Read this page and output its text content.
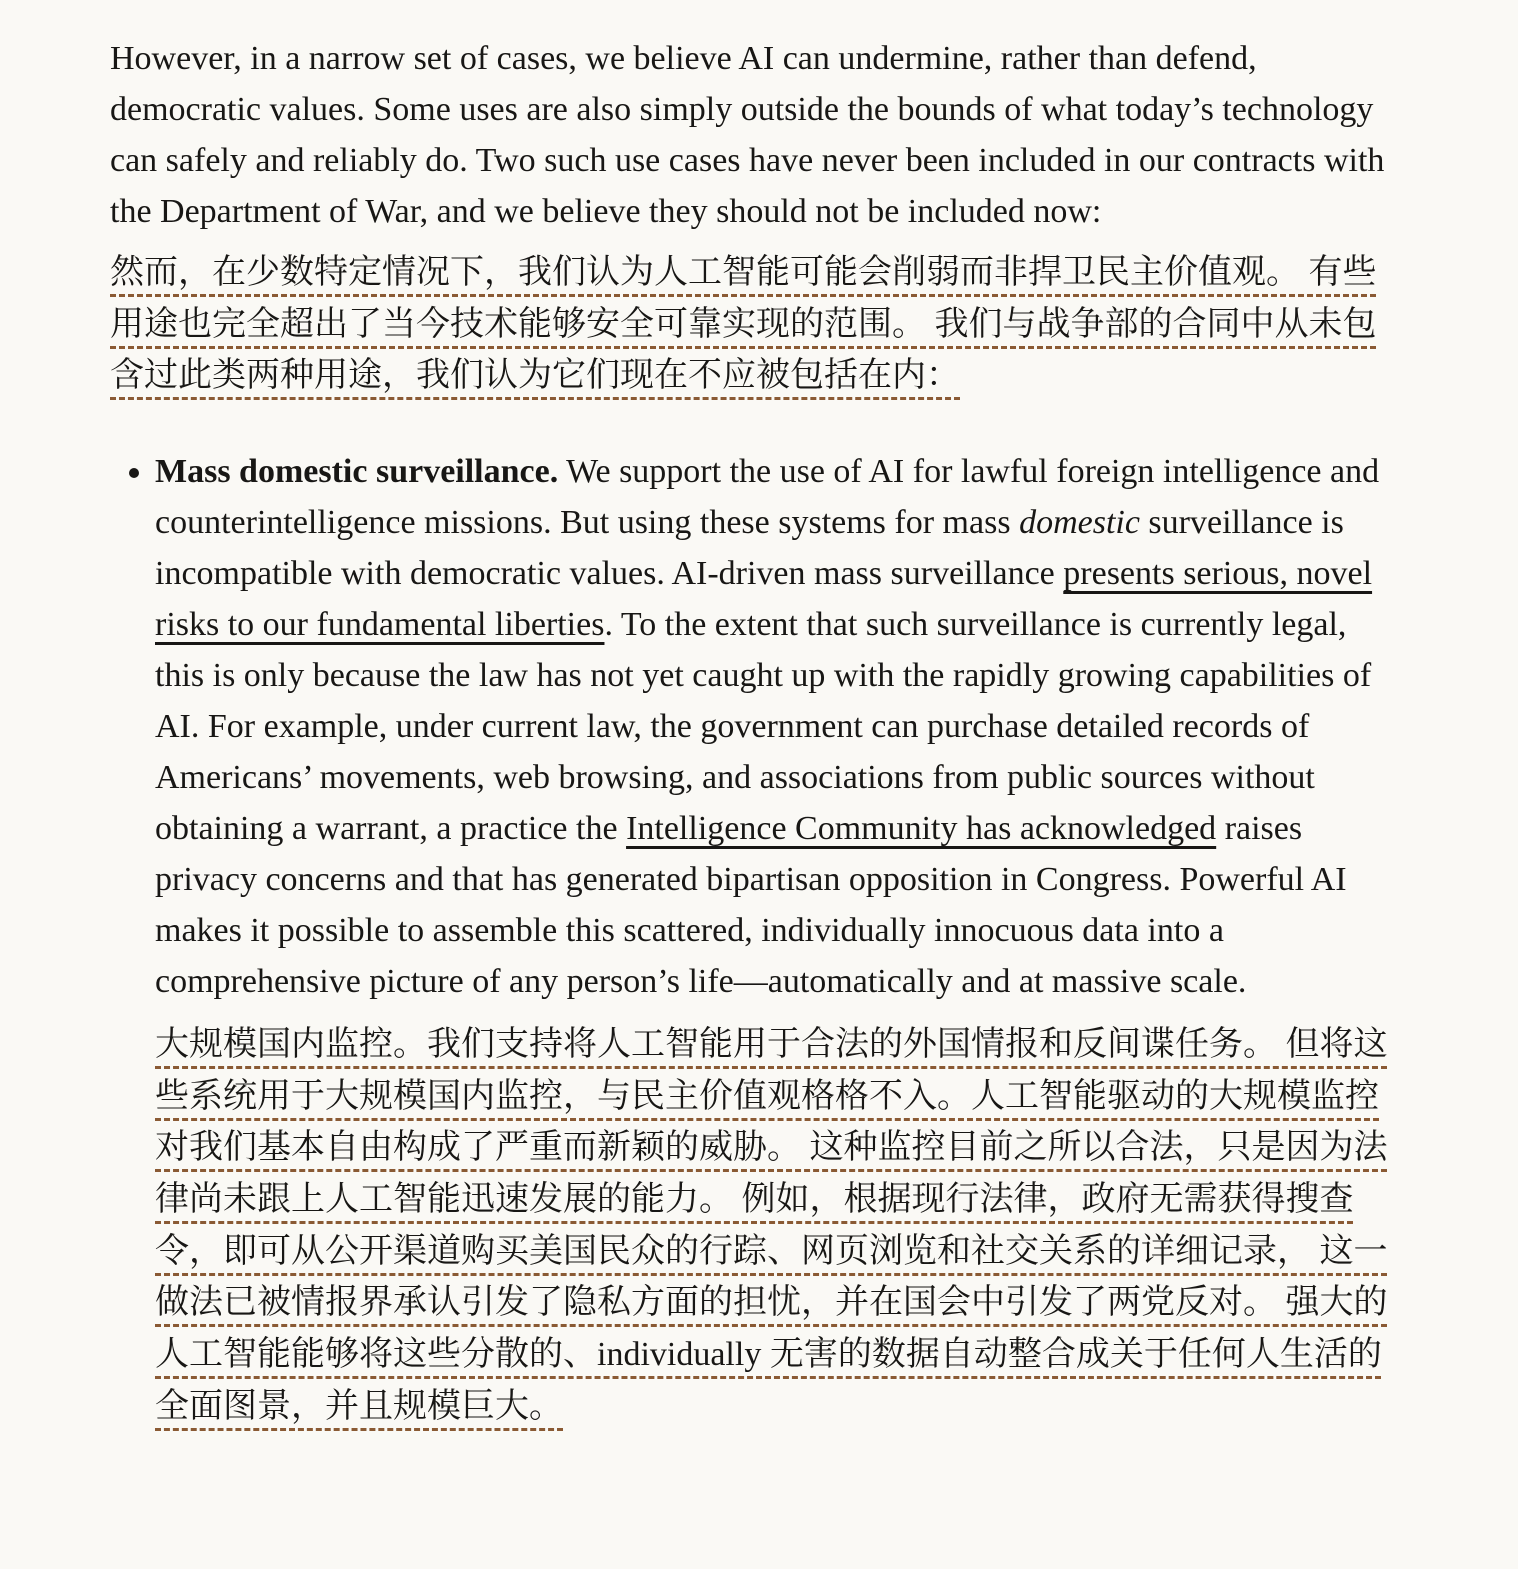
However, in a narrow set of cases, we believe AI can undermine, rather than defend, democratic values. Some uses are also simply outside the bounds of what today’s technology can safely and reliably do. Two such use cases have never been included in our contracts with the Department of War, and we believe they should not be included now:

然而，在少数特定情况下，我们认为人工智能可能会削弱而非捍卫民主价值观。 有些用途也完全超出了当今技术能够安全可靠实现的范围。 我们与战争部的合同中从未包含过此类两种用途，我们认为它们现在不应被包括在内：

• Mass domestic surveillance. We support the use of AI for lawful foreign intelligence and counterintelligence missions. But using these systems for mass domestic surveillance is incompatible with democratic values. AI-driven mass surveillance presents serious, novel risks to our fundamental liberties. To the extent that such surveillance is currently legal, this is only because the law has not yet caught up with the rapidly growing capabilities of AI. For example, under current law, the government can purchase detailed records of Americans’ movements, web browsing, and associations from public sources without obtaining a warrant, a practice the Intelligence Community has acknowledged raises privacy concerns and that has generated bipartisan opposition in Congress. Powerful AI makes it possible to assemble this scattered, individually innocuous data into a comprehensive picture of any person’s life—automatically and at massive scale.

大规模国内监控。我们支持将人工智能用于合法的外国情报和反间谍任务。 但将这些系统用于大规模国内监控，与民主价值观格格不入。人工智能驱动的大规模监控对我们基本自由构成了严重而新颖的威胁。 这种监控目前之所以合法，只是因为法律尚未跟上人工智能迅速发展的能力。 例如，根据现行法律，政府无需获得搜查令，即可从公开渠道购买美国民众的行踪、网页浏览和社交关系的详细记录， 这一做法已被情报界承认引发了隐私方面的担忧，并在国会中引发了两党反对。 强大的人工智能能够将这些分散的、individually 无害的数据自动整合成关于任何人生活的全面图景，并且规模巨大。
